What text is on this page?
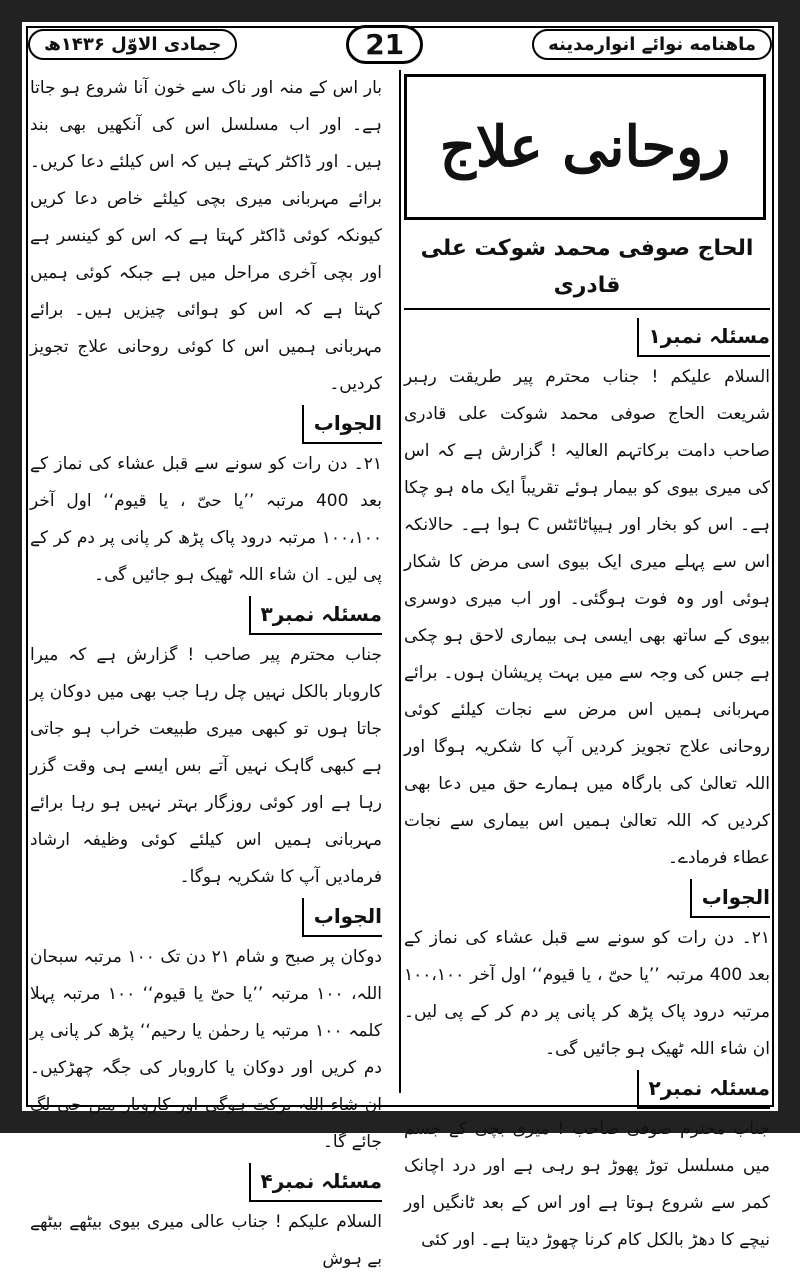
ماهنامه نوائے انوارمدینه
21
جمادی الاوّل ۱۴۳۶ھ
روحانی علاج
الحاج صوفی محمد شوکت علی قادری
مسئلہ نمبر۱

السلام علیکم ! جناب محترم پیر طریقت رہبر شریعت الحاج صوفی محمد شوکت علی قادری صاحب دامت برکاتہم العالیہ ! گزارش ہے کہ اس کی میری بیوی کو بیمار ہوئے تقریباً ایک ماہ ہو چکا ہے۔ اس کو بخار اور ہیپاٹائٹس C ہوا ہے۔ حالانکہ اس سے پہلے میری ایک بیوی اسی مرض کا شکار ہوئی اور وہ فوت ہوگئی۔ اور اب میری دوسری بیوی کے ساتھ بھی ایسی ہی بیماری لاحق ہو چکی ہے جس کی وجہ سے میں بہت پریشان ہوں۔ برائے مہربانی ہمیں اس مرض سے نجات کیلئے کوئی روحانی علاج تجویز کردیں آپ کا شکریہ ہوگا اور اللہ تعالیٰ کی بارگاہ میں ہمارے حق میں دعا بھی کردیں کہ اللہ تعالیٰ ہمیں اس بیماری سے نجات عطاء فرمادے۔

الجواب

۲۱۔ دن رات کو سونے سے قبل عشاء کی نماز کے بعد 400 مرتبہ ’’یا حیّ ، یا قیوم‘‘ اول آخر ۱۰۰،۱۰۰ مرتبہ درود پاک پڑھ کر پانی پر دم کر کے پی لیں۔ ان شاء اللہ ٹھیک ہو جائیں گی۔

مسئلہ نمبر۲

جناب محترم صوفی صاحب ! میری بچی کے جسم میں مسلسل توڑ پھوڑ ہو رہی ہے اور درد اچانک کمر سے شروع ہوتا ہے اور اس کے بعد ٹانگیں اور نیچے کا دھڑ بالکل کام کرنا چھوڑ دیتا ہے۔ اور کئی

بار اس کے منہ اور ناک سے خون آنا شروع ہو جاتا ہے۔ اور اب مسلسل اس کی آنکھیں بھی بند ہیں۔ اور ڈاکٹر کہتے ہیں کہ اس کیلئے دعا کریں۔ برائے مہربانی میری بچی کیلئے خاص دعا کریں کیونکہ کوئی ڈاکٹر کہتا ہے کہ اس کو کینسر ہے اور بچی آخری مراحل میں ہے جبکہ کوئی ہمیں کہتا ہے کہ اس کو ہوائی چیزیں ہیں۔ برائے مہربانی ہمیں اس کا کوئی روحانی علاج تجویز کردیں۔

الجواب

۲۱۔ دن رات کو سونے سے قبل عشاء کی نماز کے بعد 400 مرتبہ ’’یا حیّ ، یا قیوم‘‘ اول آخر ۱۰۰،۱۰۰ مرتبہ درود پاک پڑھ کر پانی پر دم کر کے پی لیں۔ ان شاء اللہ ٹھیک ہو جائیں گی۔

مسئلہ نمبر۳

جناب محترم پیر صاحب ! گزارش ہے کہ میرا کاروبار بالکل نہیں چل رہا جب بھی میں دوکان پر جاتا ہوں تو کبھی میری طبیعت خراب ہو جاتی ہے کبھی گاہک نہیں آتے بس ایسے ہی وقت گزر رہا ہے اور کوئی روزگار بہتر نہیں ہو رہا برائے مہربانی ہمیں اس کیلئے کوئی وظیفہ ارشاد فرمادیں آپ کا شکریہ ہوگا۔

الجواب

دوکان پر صبح و شام ۲۱ دن تک ۱۰۰ مرتبہ سبحان اللہ، ۱۰۰ مرتبہ ’’یا حیّ یا قیوم‘‘ ۱۰۰ مرتبہ پہلا کلمہ ۱۰۰ مرتبہ یا رحمٰن یا رحیم‘‘ پڑھ کر پانی پر دم کریں اور دوکان یا کاروبار کی جگہ چھڑکیں۔ ان شاء اللہ برکت ہوگی اور کاروبار میں جی لگ جائے گا۔

مسئلہ نمبر۴

السلام علیکم ! جناب عالی میری بیوی بیٹھے بیٹھے بے ہوش
